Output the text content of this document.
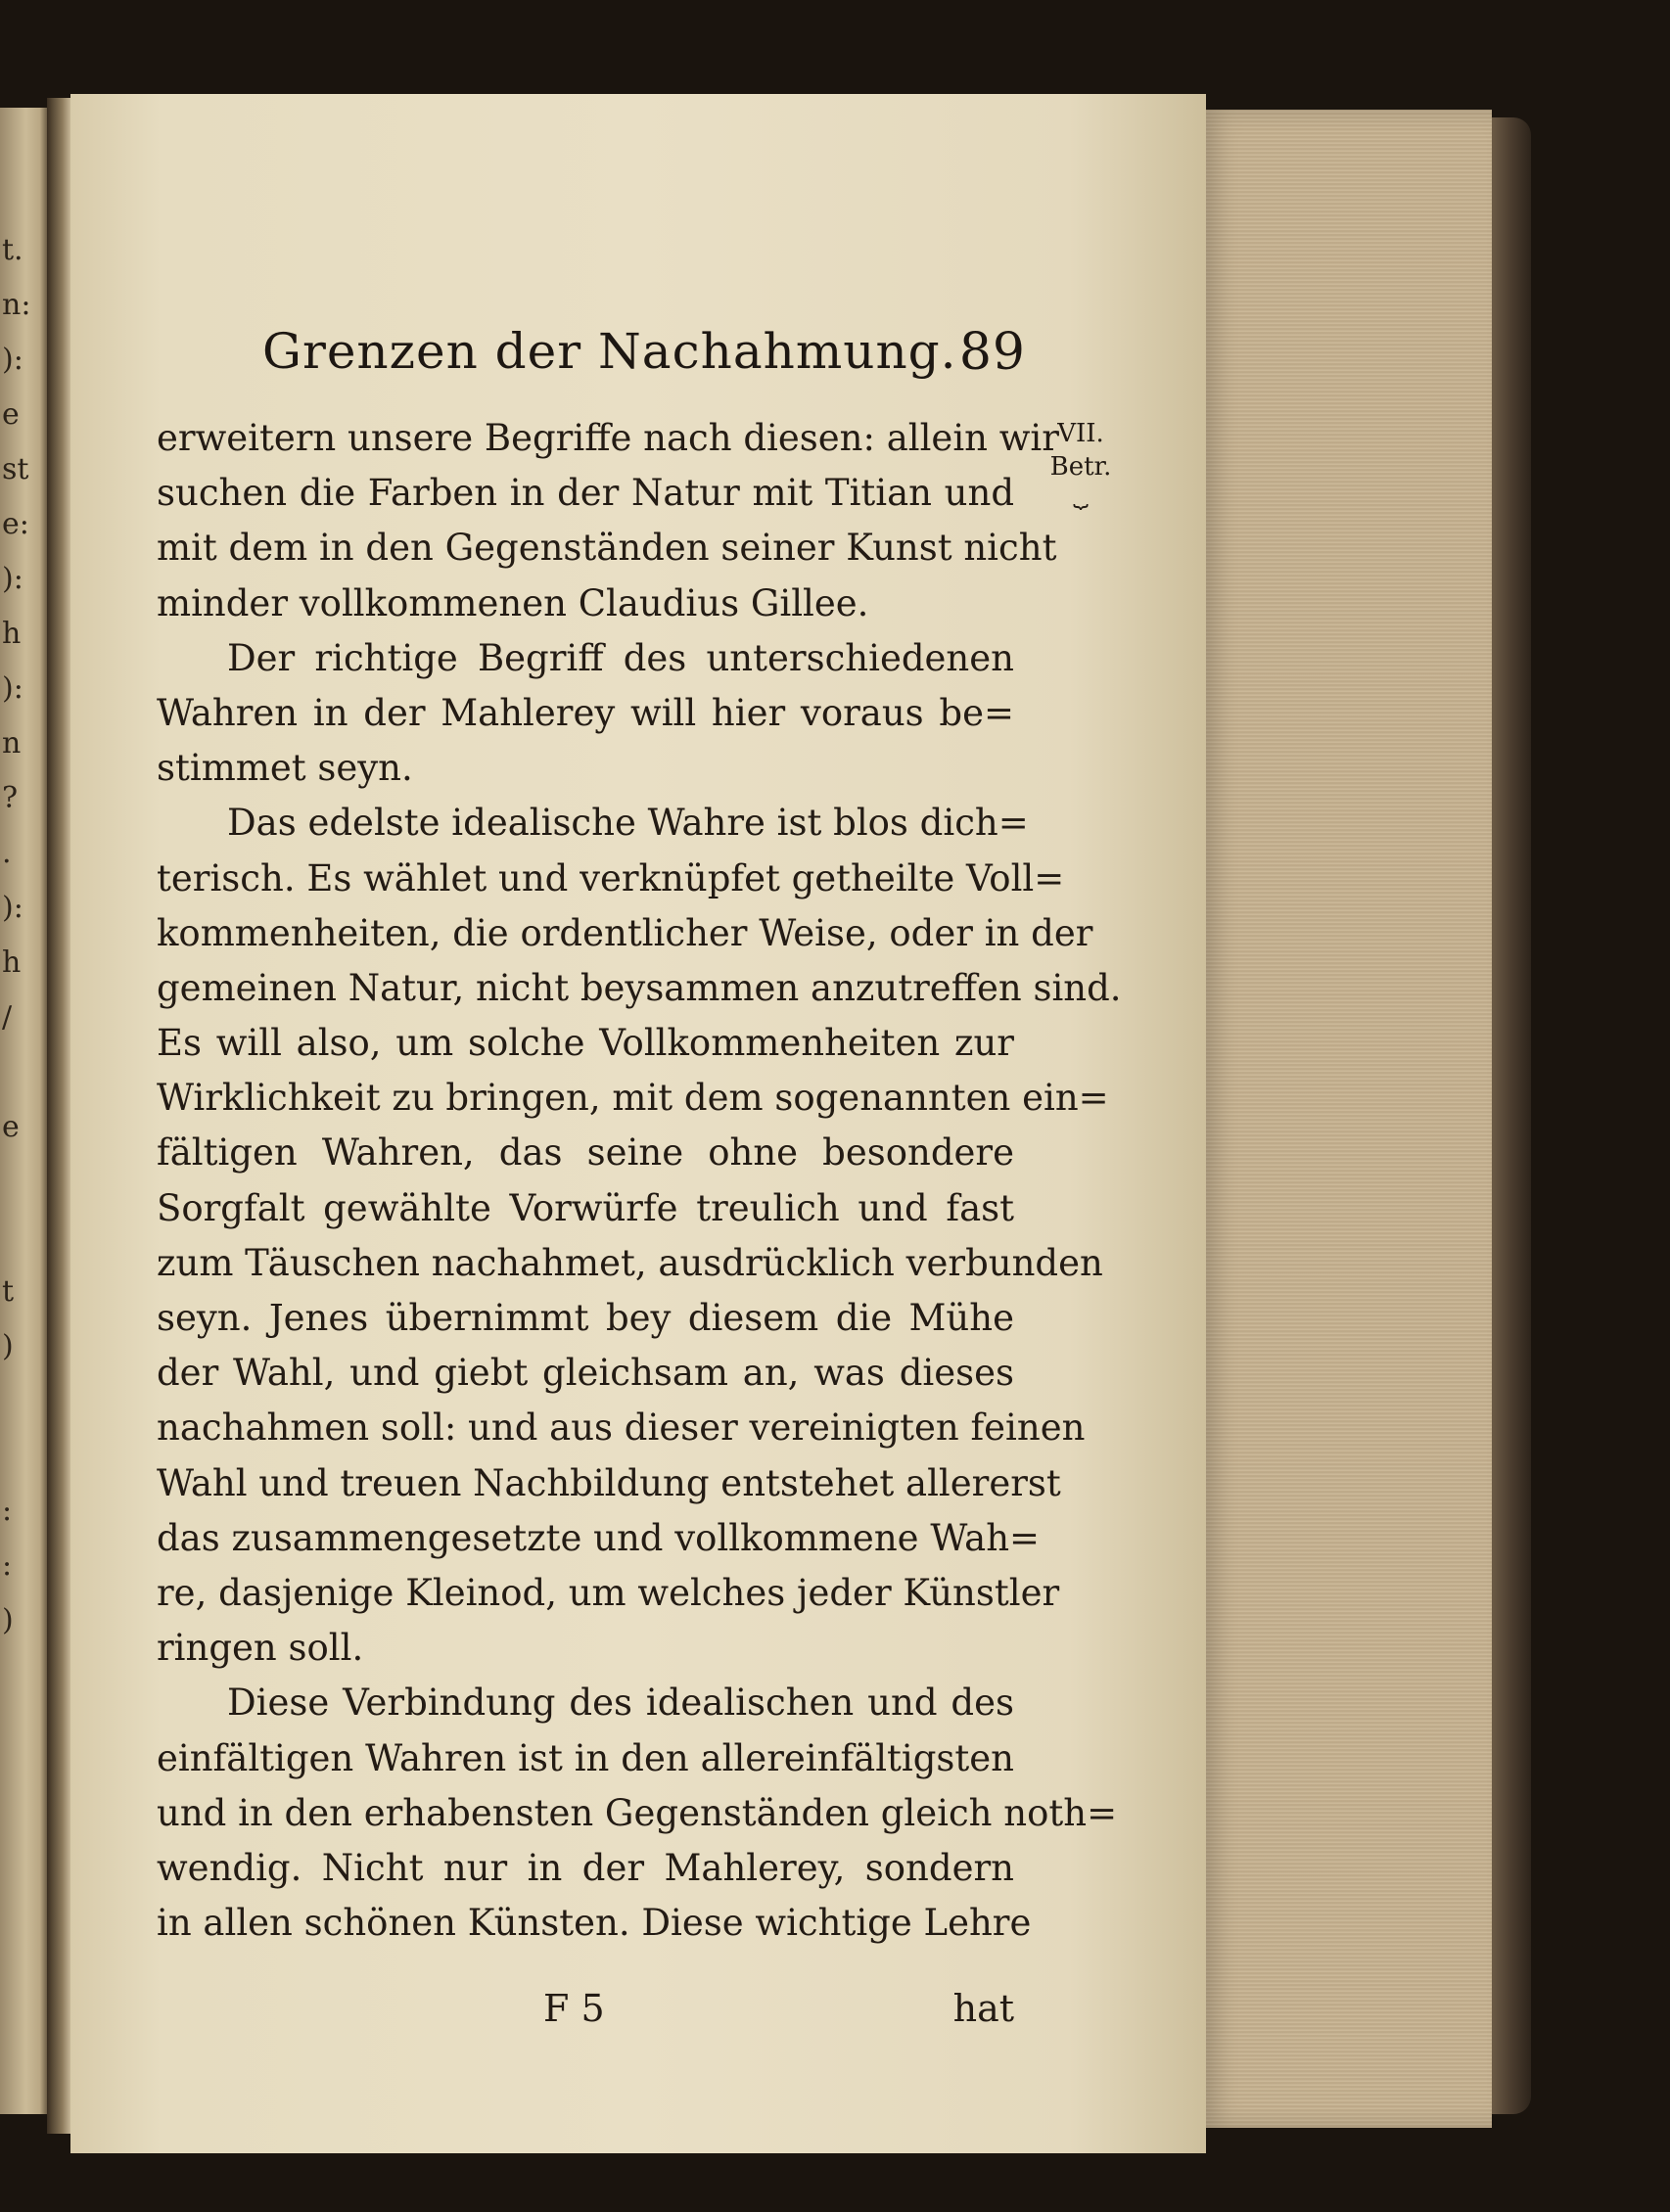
t.
n:
):
e
st
e:
):
h
):
n
?
.
):
h
/
e
t
)
:
:
)
Grenzen der Nachahmung. 89
VII.
Betr.
⏟
erweitern unsere Begriffe nach diesen: allein wir
suchen die Farben in der Natur mit Titian und
mit dem in den Gegenständen seiner Kunst nicht
minder vollkommenen Claudius Gillee.
Der richtige Begriff des unterschiedenen
Wahren in der Mahlerey will hier voraus be=
stimmet seyn.
Das edelste idealische Wahre ist blos dich=
terisch. Es wählet und verknüpfet getheilte Voll=
kommenheiten, die ordentlicher Weise, oder in der
gemeinen Natur, nicht beysammen anzutreffen sind.
Es will also, um solche Vollkommenheiten zur
Wirklichkeit zu bringen, mit dem sogenannten ein=
fältigen Wahren, das seine ohne besondere
Sorgfalt gewählte Vorwürfe treulich und fast
zum Täuschen nachahmet, ausdrücklich verbunden
seyn. Jenes übernimmt bey diesem die Mühe
der Wahl, und giebt gleichsam an, was dieses
nachahmen soll: und aus dieser vereinigten feinen
Wahl und treuen Nachbildung entstehet allererst
das zusammengesetzte und vollkommene Wah=
re, dasjenige Kleinod, um welches jeder Künstler
ringen soll.
Diese Verbindung des idealischen und des
einfältigen Wahren ist in den allereinfältigsten
und in den erhabensten Gegenständen gleich noth=
wendig. Nicht nur in der Mahlerey, sondern
in allen schönen Künsten. Diese wichtige Lehre
F 5	hat
